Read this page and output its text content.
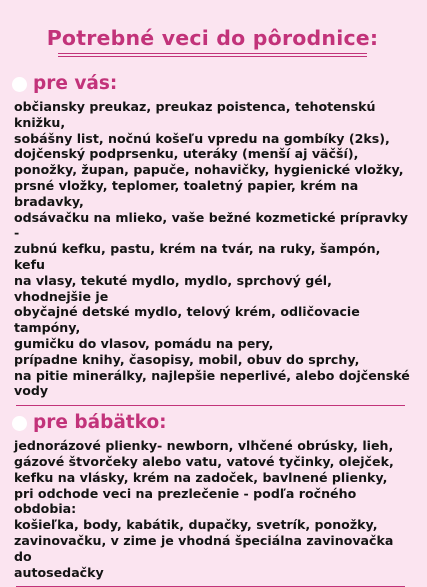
Potrebné veci do pôrodnice:
pre vás:
občiansky preukaz, preukaz poistenca, tehotenskú knižku,
sobášny list, nočnú košeľu vpredu na gombíky (2ks),
dojčenský podprsenku, uteráky (menší aj väčší),
ponožky, župan, papuče, nohavičky, hygienické vložky,
prsné vložky, teplomer, toaletný papier, krém na bradavky,
odsávačku na mlieko, vaše bežné kozmetické prípravky -
zubnú kefku, pastu, krém na tvár, na ruky, šampón, kefu
na vlasy, tekuté mydlo, mydlo, sprchový gél, vhodnejšie je
obyčajné detské mydlo, telový krém, odličovacie tampóny,
gumičku do vlasov, pomádu na pery,
prípadne knihy, časopisy, mobil, obuv do sprchy,
na pitie minerálky, najlepšie neperlivé, alebo dojčenské
vody
pre bábätko:
jednorázové plienky- newborn, vlhčené obrúsky, lieh,
gázové štvorčeky alebo vatu, vatové tyčinky, olejček,
kefku na vlásky, krém na zadoček, bavlnené plienky,
pri odchode veci na prezlečenie - podľa ročného obdobia:
košieľka, body, kabátik, dupačky, svetrík, ponožky,
zavinovačku, v zime je vhodná špeciálna zavinovačka do
autosedačky
